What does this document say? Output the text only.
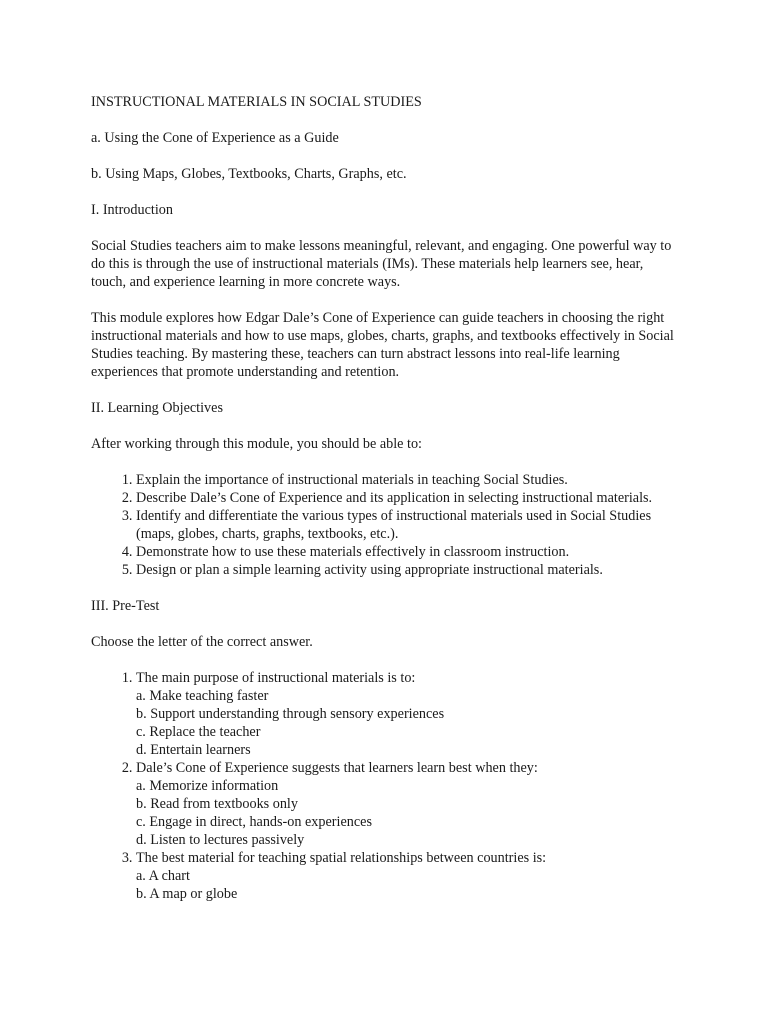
INSTRUCTIONAL MATERIALS IN SOCIAL STUDIES

a. Using the Cone of Experience as a Guide

b. Using Maps, Globes, Textbooks, Charts, Graphs, etc.

I. Introduction

Social Studies teachers aim to make lessons meaningful, relevant, and engaging. One powerful way to do this is through the use of instructional materials (IMs). These materials help learners see, hear, touch, and experience learning in more concrete ways.

This module explores how Edgar Dale’s Cone of Experience can guide teachers in choosing the right instructional materials and how to use maps, globes, charts, graphs, and textbooks effectively in Social Studies teaching. By mastering these, teachers can turn abstract lessons into real-life learning experiences that promote understanding and retention.

II. Learning Objectives

After working through this module, you should be able to:

1. Explain the importance of instructional materials in teaching Social Studies.
2. Describe Dale’s Cone of Experience and its application in selecting instructional materials.
3. Identify and differentiate the various types of instructional materials used in Social Studies (maps, globes, charts, graphs, textbooks, etc.).
4. Demonstrate how to use these materials effectively in classroom instruction.
5. Design or plan a simple learning activity using appropriate instructional materials.

III. Pre-Test

Choose the letter of the correct answer.

1. The main purpose of instructional materials is to:
a. Make teaching faster
b. Support understanding through sensory experiences
c. Replace the teacher
d. Entertain learners
2. Dale’s Cone of Experience suggests that learners learn best when they:
a. Memorize information
b. Read from textbooks only
c. Engage in direct, hands-on experiences
d. Listen to lectures passively
3. The best material for teaching spatial relationships between countries is:
a. A chart
b. A map or globe
